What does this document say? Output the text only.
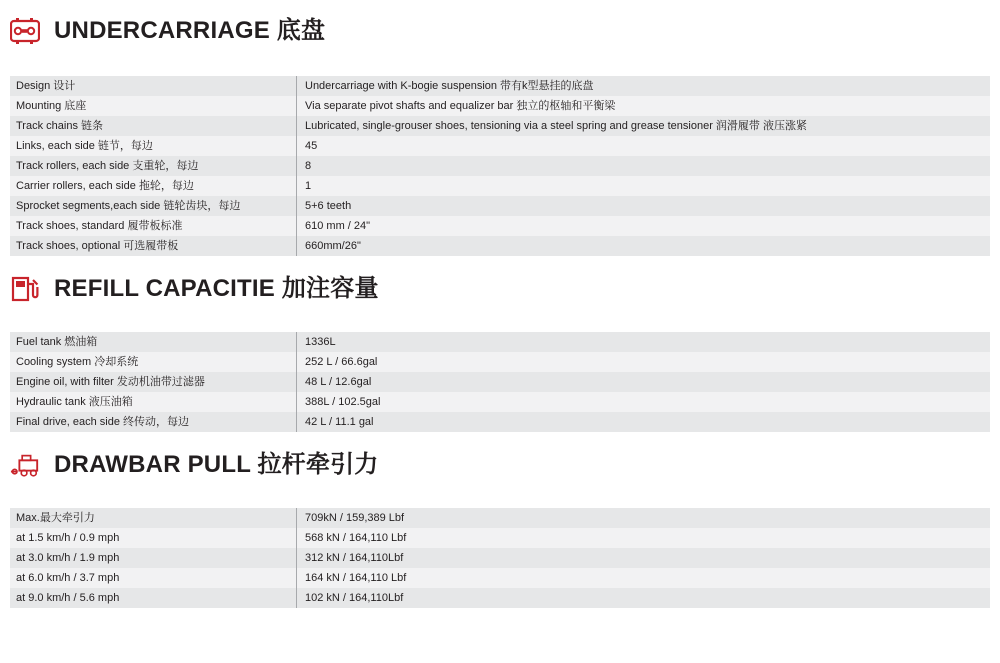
UNDERCARRIAGE 底盘
Design 设计	Undercarriage with K-bogie suspension 带有k型悬挂的底盘
Mounting 底座	Via separate pivot shafts and equalizer bar 独立的枢轴和平衡梁
Track chains 链条	Lubricated, single-grouser shoes, tensioning via a steel spring and grease tensioner 润滑履带 液压涨紧
Links, each side 链节，每边	45
Track rollers, each side 支重轮，每边	8
Carrier rollers, each side 拖轮，每边	1
Sprocket segments,each side 链轮齿块，每边	5+6 teeth
Track shoes, standard 履带板标准	610 mm / 24"
Track shoes, optional 可选履带板	660mm/26"
REFILL CAPACITIE 加注容量
Fuel tank 燃油箱	1336L
Cooling system 冷却系统	252 L / 66.6gal
Engine oil, with filter 发动机油带过滤器	48 L / 12.6gal
Hydraulic tank 液压油箱	388L / 102.5gal
Final drive, each side 终传动，每边	42 L / 11.1 gal
DRAWBAR PULL 拉杆牵引力
Max.最大牵引力	709kN / 159,389 Lbf
at 1.5 km/h / 0.9 mph	568 kN / 164,110 Lbf
at 3.0 km/h / 1.9 mph	312 kN / 164,110Lbf
at 6.0 km/h / 3.7 mph	164 kN / 164,110 Lbf
at 9.0 km/h / 5.6 mph	102 kN / 164,110Lbf
